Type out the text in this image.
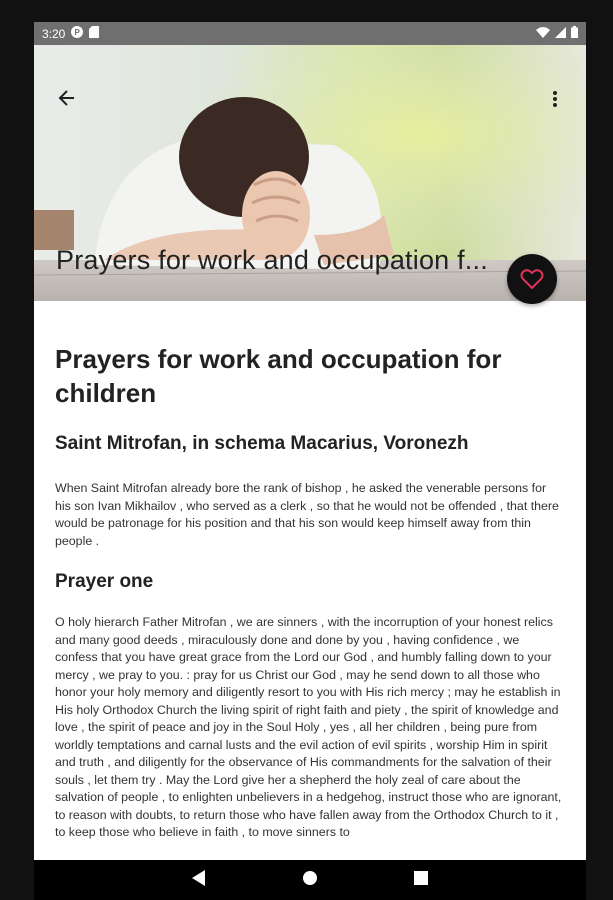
3:20 P
Prayers for work and occupation f...
Prayers for work and occupation for children
Saint Mitrofan, in schema Macarius, Voronezh

When Saint Mitrofan already bore the rank of bishop , he asked the venerable persons for his son Ivan Mikhailov , who served as a clerk , so that he would not be offended , that there would be patronage for his position and that his son would keep himself away from thin people .

Prayer one

O holy hierarch Father Mitrofan , we are sinners , with the incorruption of your honest relics and many good deeds , miraculously done and done by you , having confidence , we confess that you have great grace from the Lord our God , and humbly falling down to your mercy , we pray to you. : pray for us Christ our God , may he send down to all those who honor your holy memory and diligently resort to you with His rich mercy ; may he establish in His holy Orthodox Church the living spirit of right faith and piety , the spirit of knowledge and love , the spirit of peace and joy in the Soul Holy , yes , all her children , being pure from worldly temptations and carnal lusts and the evil action of evil spirits , worship Him in spirit and truth , and diligently for the observance of His commandments for the salvation of their souls , let them try . May the Lord give her a shepherd the holy zeal of care about the salvation of people , to enlighten unbelievers in a hedgehog, instruct those who are ignorant, to reason with doubts, to return those who have fallen away from the Orthodox Church to it , to keep those who believe in faith , to move sinners to
